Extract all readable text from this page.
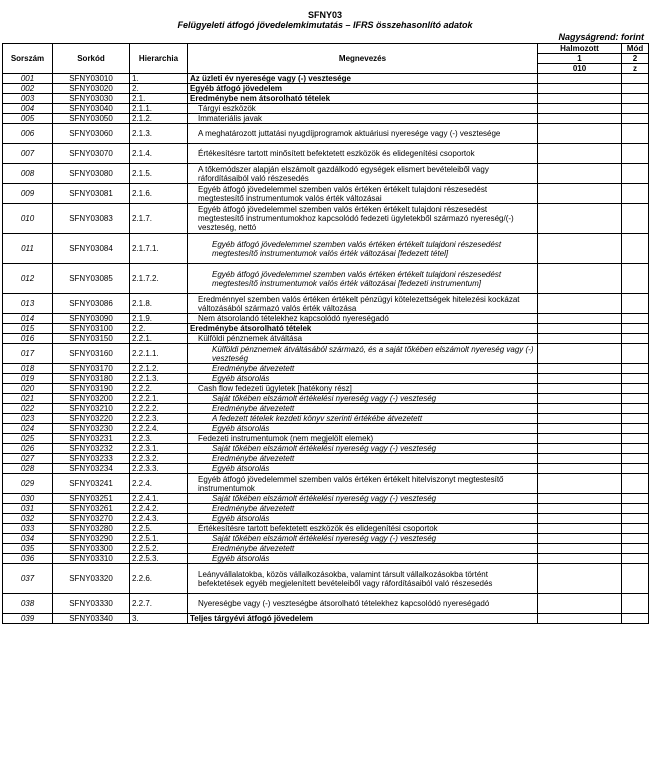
SFNY03
Felügyeleti átfogó jövedelemkimutatás – IFRS összehasonlító adatok
Nagyságrend: forint
Sorszám	Sorkód	Hierarchia	Megnevezés	Halmozott	Mód
				1	2
				010	z
001	SFNY03010	1.	Az üzleti év nyeresége vagy (-) vesztesége		
002	SFNY03020	2.	Egyéb átfogó jövedelem		
003	SFNY03030	2.1.	Eredménybe nem átsorolható tételek		
004	SFNY03040	2.1.1.	Tárgyi eszközök		
005	SFNY03050	2.1.2.	Immateriális javak		
006	SFNY03060	2.1.3.	A meghatározott juttatási nyugdíjprogramok aktuáriusi nyeresége vagy (-) vesztesége		
007	SFNY03070	2.1.4.	Értékesítésre tartott minősített befektetett eszközök és elidegenítési csoportok		
008	SFNY03080	2.1.5.	A tőkemódszer alapján elszámolt gazdálkodó egységek elismert bevételeiből vagy ráfordításaiból való részesedés		
009	SFNY03081	2.1.6.	Egyéb átfogó jövedelemmel szemben valós értéken értékelt tulajdoni részesedést megtestesítő instrumentumok valós érték változásai		
010	SFNY03083	2.1.7.	Egyéb átfogó jövedelemmel szemben valós értéken értékelt tulajdoni részesedést megtestesítő instrumentumokhoz kapcsolódó fedezeti ügyletekből származó nyereség/(-) veszteség, nettó		
011	SFNY03084	2.1.7.1.	Egyéb átfogó jövedelemmel szemben valós értéken értékelt tulajdoni részesedést megtestesítő instrumentumok valós érték változásai [fedezett tétel]		
012	SFNY03085	2.1.7.2.	Egyéb átfogó jövedelemmel szemben valós értéken értékelt tulajdoni részesedést megtestesítő instrumentumok valós érték változásai [fedezeti instrumentum]		
013	SFNY03086	2.1.8.	Eredménnyel szemben valós értéken értékelt pénzügyi kötelezettségek hitelezési kockázat változásából származó valós érték változása		
014	SFNY03090	2.1.9.	Nem átsorolandó tételekhez kapcsolódó nyereségadó		
015	SFNY03100	2.2.	Eredménybe átsorolható tételek		
016	SFNY03150	2.2.1.	Külföldi pénznemek átváltása		
017	SFNY03160	2.2.1.1.	Külföldi pénznemek átváltásából származó, és a saját tőkében elszámolt nyereség vagy (-) veszteség		
018	SFNY03170	2.2.1.2.	Eredménybe átvezetett		
019	SFNY03180	2.2.1.3.	Egyéb átsorolás		
020	SFNY03190	2.2.2.	Cash flow fedezeti ügyletek [hatékony rész]		
021	SFNY03200	2.2.2.1.	Saját tőkében elszámolt értékelési nyereség vagy (-) veszteség		
022	SFNY03210	2.2.2.2.	Eredménybe átvezetett		
023	SFNY03220	2.2.2.3.	A fedezett tételek kezdeti könyv szerinti értékébe átvezetett		
024	SFNY03230	2.2.2.4.	Egyéb átsorolás		
025	SFNY03231	2.2.3.	Fedezeti instrumentumok (nem megjelölt elemek)		
026	SFNY03232	2.2.3.1.	Saját tőkében elszámolt értékelési nyereség vagy (-) veszteség		
027	SFNY03233	2.2.3.2.	Eredménybe átvezetett		
028	SFNY03234	2.2.3.3.	Egyéb átsorolás		
029	SFNY03241	2.2.4.	Egyéb átfogó jövedelemmel szemben valós értéken értékelt hitelviszonyt megtestesítő instrumentumok		
030	SFNY03251	2.2.4.1.	Saját tőkében elszámolt értékelési nyereség vagy (-) veszteség		
031	SFNY03261	2.2.4.2.	Eredménybe átvezetett		
032	SFNY03270	2.2.4.3.	Egyéb átsorolás		
033	SFNY03280	2.2.5.	Értékesítésre tartott befektetett eszközök és elidegenítési csoportok		
034	SFNY03290	2.2.5.1.	Saját tőkében elszámolt értékelési nyereség vagy (-) veszteség		
035	SFNY03300	2.2.5.2.	Eredménybe átvezetett		
036	SFNY03310	2.2.5.3.	Egyéb átsorolás		
037	SFNY03320	2.2.6.	Leányvállalatokba, közös vállalkozásokba, valamint társult vállalkozásokba történt befektetések egyéb megjelenített bevételeiből vagy ráfordításaiból való részesedés		
038	SFNY03330	2.2.7.	Nyereségbe vagy (-) veszteségbe átsorolható tételekhez kapcsolódó nyereségadó		
039	SFNY03340	3.	Teljes tárgyévi átfogó jövedelem		
